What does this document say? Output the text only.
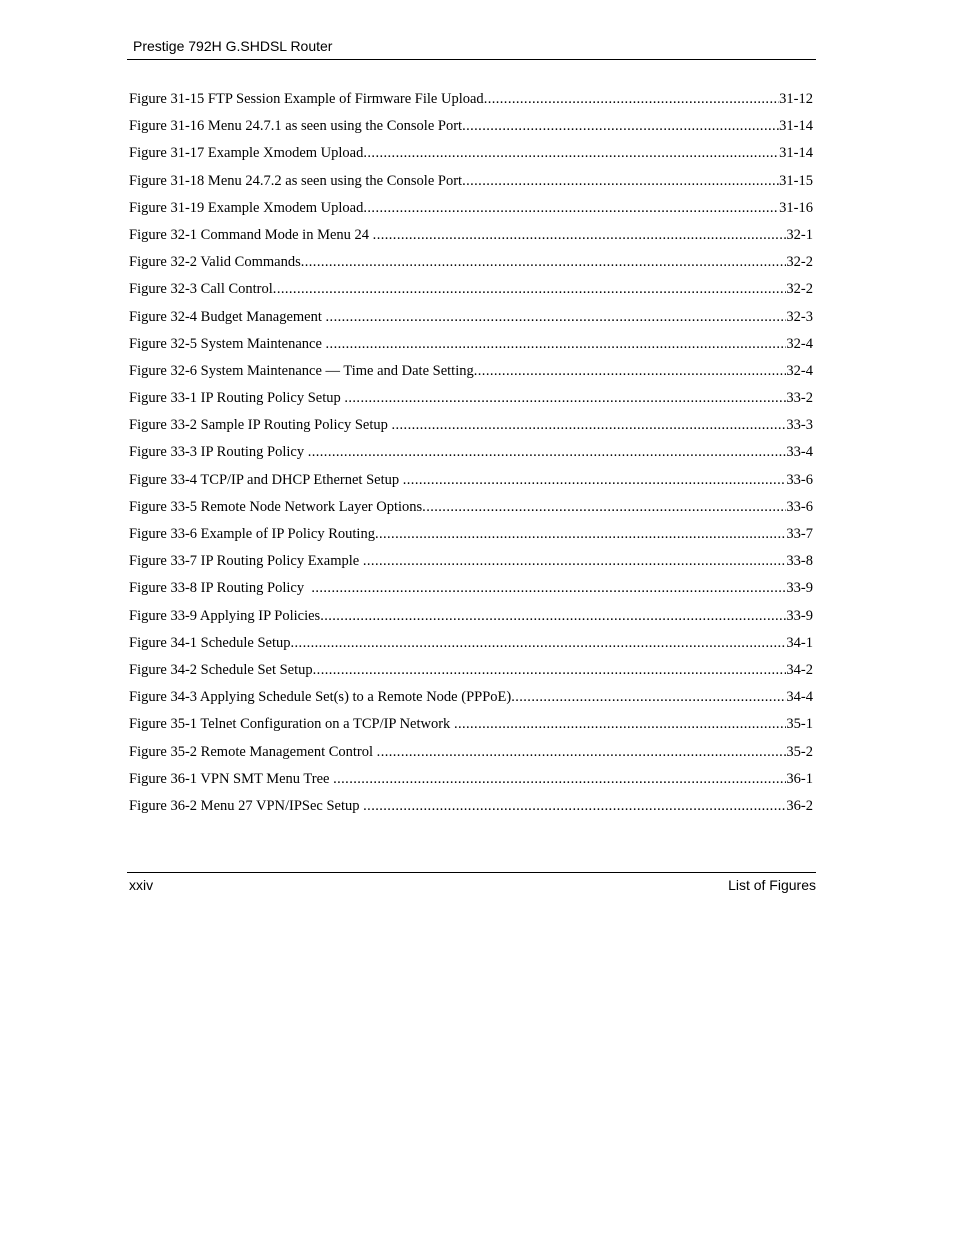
Prestige 792H G.SHDSL Router
Figure 31-15 FTP Session Example of Firmware File Upload .....	31-12
Figure 31-16 Menu 24.7.1 as seen using the Console Port .....	31-14
Figure 31-17 Example Xmodem Upload .....	31-14
Figure 31-18 Menu 24.7.2 as seen using the Console Port .....	31-15
Figure 31-19 Example Xmodem Upload .....	31-16
Figure 32-1 Command Mode in Menu 24 .....	32-1
Figure 32-2 Valid Commands .....	32-2
Figure 32-3 Call Control .....	32-2
Figure 32-4 Budget Management .....	32-3
Figure 32-5 System Maintenance .....	32-4
Figure 32-6 System Maintenance — Time and Date Setting .....	32-4
Figure 33-1 IP Routing Policy Setup .....	33-2
Figure 33-2 Sample IP Routing Policy Setup .....	33-3
Figure 33-3 IP Routing Policy .....	33-4
Figure 33-4 TCP/IP and DHCP Ethernet Setup .....	33-6
Figure 33-5 Remote Node Network Layer Options .....	33-6
Figure 33-6 Example of IP Policy Routing .....	33-7
Figure 33-7 IP Routing Policy Example .....	33-8
Figure 33-8 IP Routing Policy .....	33-9
Figure 33-9 Applying IP Policies .....	33-9
Figure 34-1 Schedule Setup .....	34-1
Figure 34-2 Schedule Set Setup .....	34-2
Figure 34-3 Applying Schedule Set(s) to a Remote Node (PPPoE) .....	34-4
Figure 35-1 Telnet Configuration on a TCP/IP Network .....	35-1
Figure 35-2 Remote Management Control .....	35-2
Figure 36-1 VPN SMT Menu Tree .....	36-1
Figure 36-2 Menu 27 VPN/IPSec Setup .....	36-2
xxiv	List of Figures
